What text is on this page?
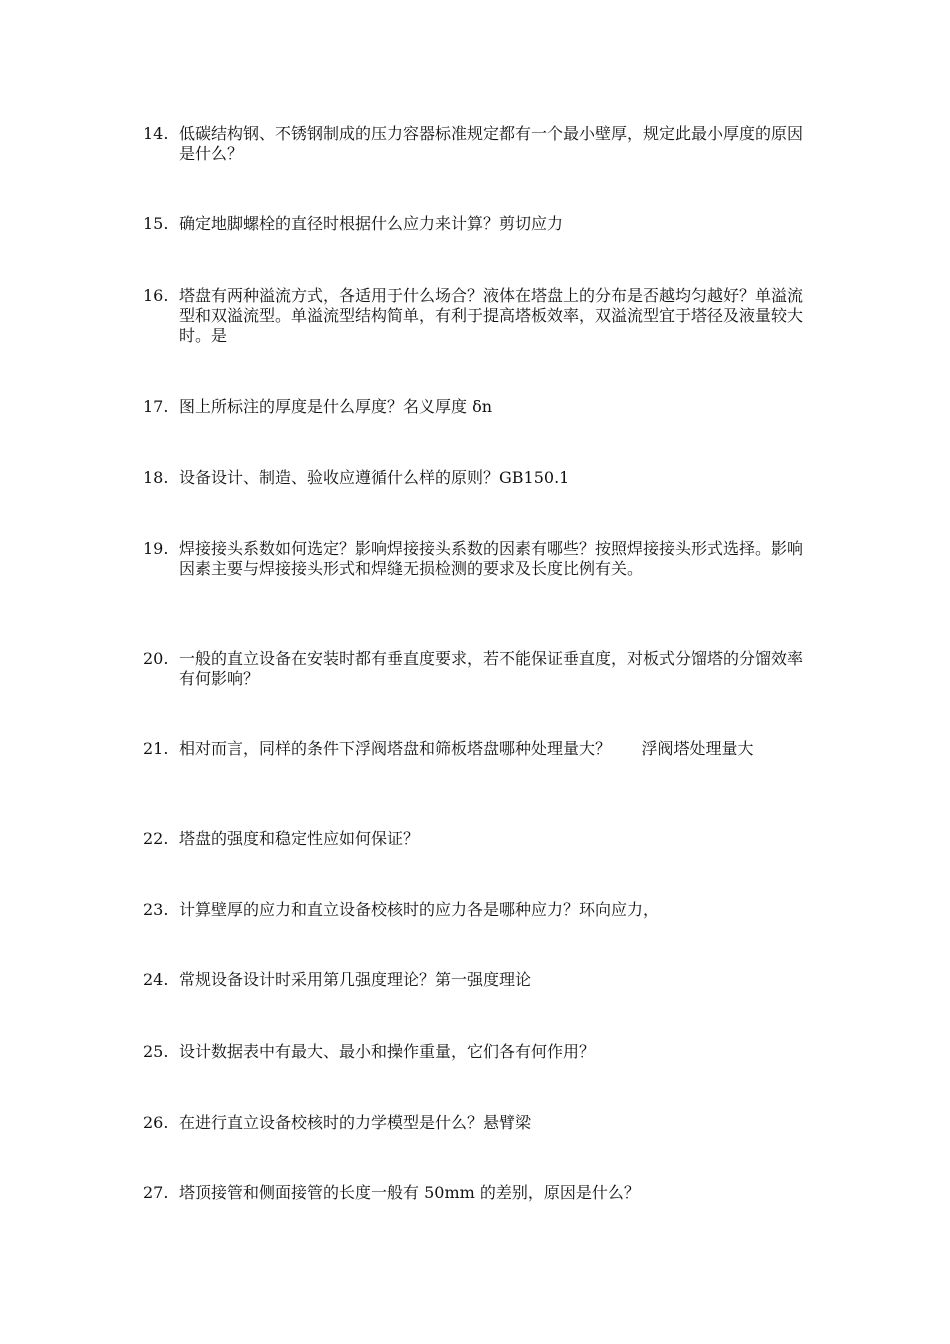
14. 低碳结构钢、不锈钢制成的压力容器标准规定都有一个最小壁厚，规定此最小厚度的原因是什么？
15. 确定地脚螺栓的直径时根据什么应力来计算？剪切应力
16. 塔盘有两种溢流方式，各适用于什么场合？液体在塔盘上的分布是否越均匀越好？单溢流型和双溢流型。单溢流型结构简单，有利于提高塔板效率，双溢流型宜于塔径及液量较大时。是
17. 图上所标注的厚度是什么厚度？名义厚度 δn
18. 设备设计、制造、验收应遵循什么样的原则？GB150.1
19. 焊接接头系数如何选定？影响焊接接头系数的因素有哪些？按照焊接接头形式选择。影响因素主要与焊接接头形式和焊缝无损检测的要求及长度比例有关。
20. 一般的直立设备在安装时都有垂直度要求，若不能保证垂直度，对板式分馏塔的分馏效率有何影响？
21. 相对而言，同样的条件下浮阀塔盘和筛板塔盘哪种处理量大？      浮阀塔处理量大
22. 塔盘的强度和稳定性应如何保证？
23. 计算壁厚的应力和直立设备校核时的应力各是哪种应力？环向应力，
24. 常规设备设计时采用第几强度理论？第一强度理论
25. 设计数据表中有最大、最小和操作重量，它们各有何作用？
26. 在进行直立设备校核时的力学模型是什么？悬臂梁
27. 塔顶接管和侧面接管的长度一般有 50mm 的差别，原因是什么？
